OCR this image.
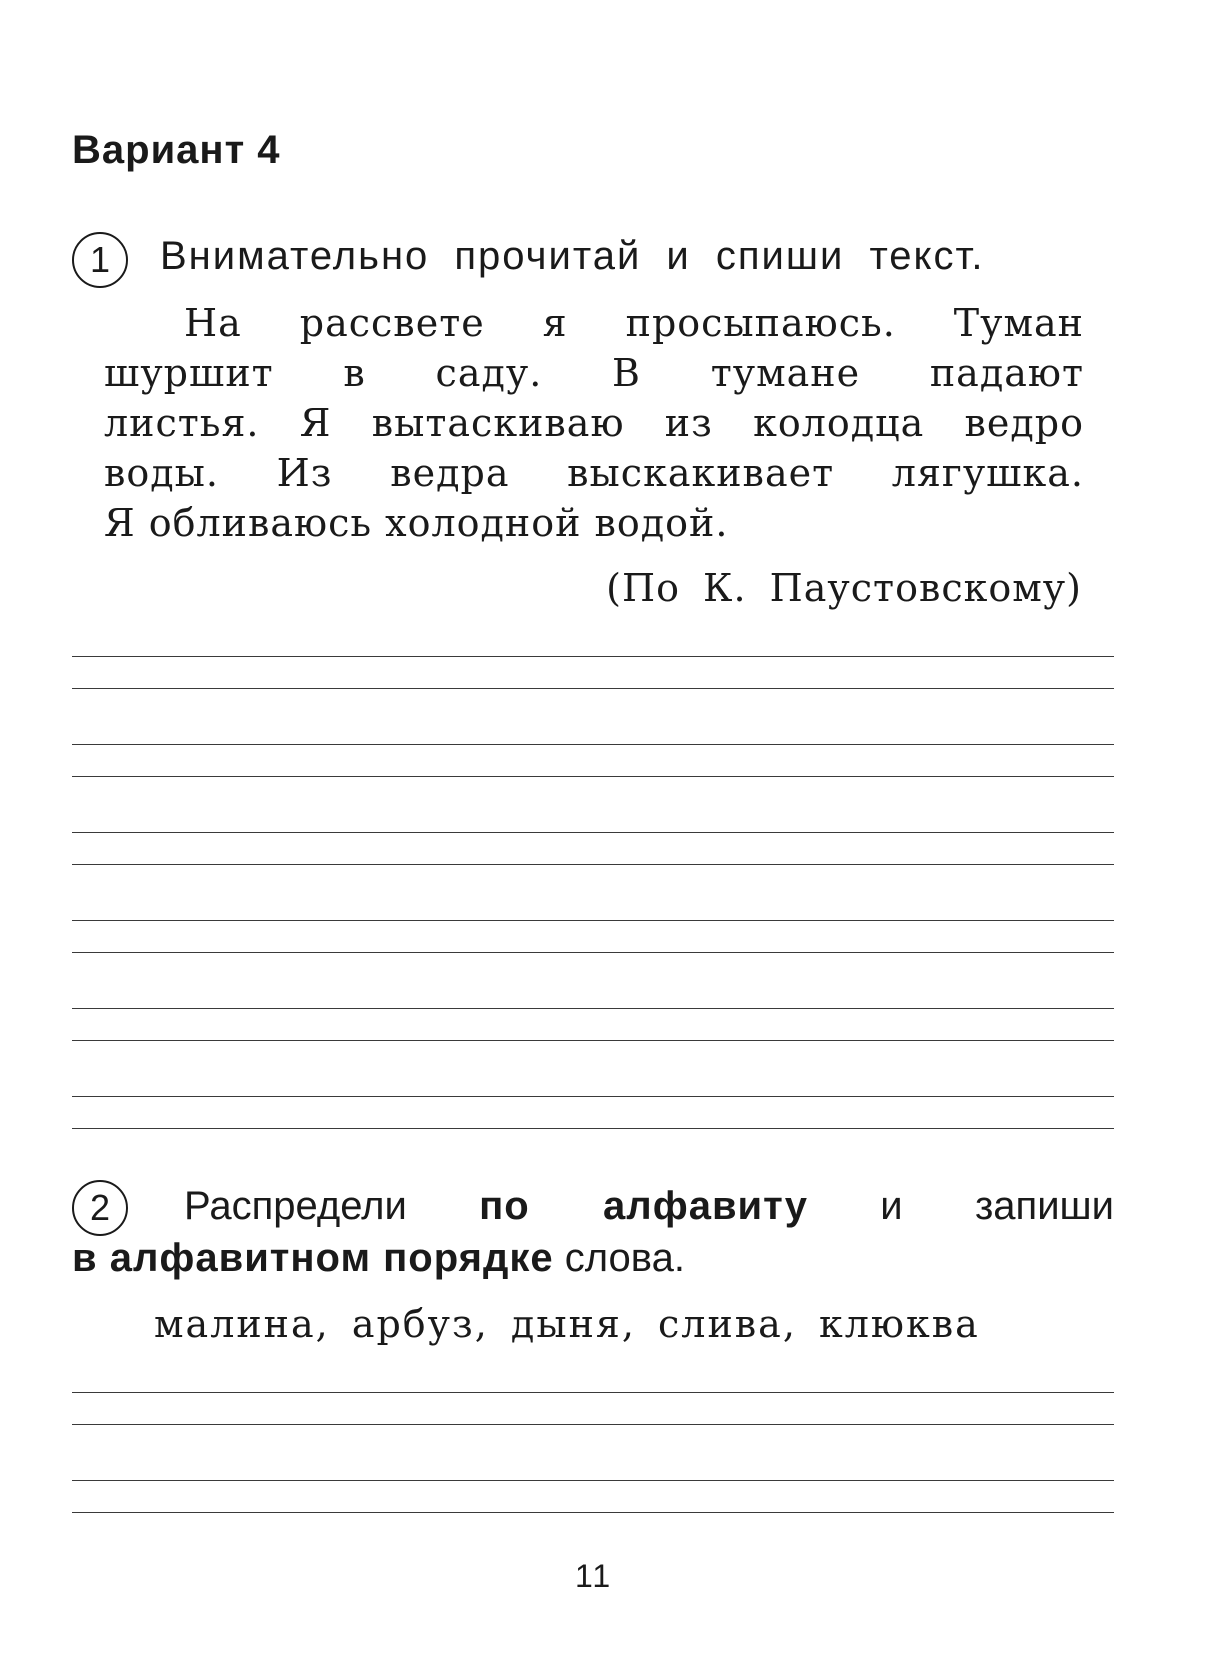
Вариант 4
1	Внимательно прочитай и спиши текст.

На рассвете я просыпаюсь. Туман
шуршит в саду. В тумане падают
листья. Я вытаскиваю из колодца ведро
воды. Из ведра выскакивает лягушка.
Я обливаюсь холодной водой.

(По К. Паустовскому)

2	Распредели по алфавиту и запиши
в алфавитном порядке слова.

малина, арбуз, дыня, слива, клюква

11
